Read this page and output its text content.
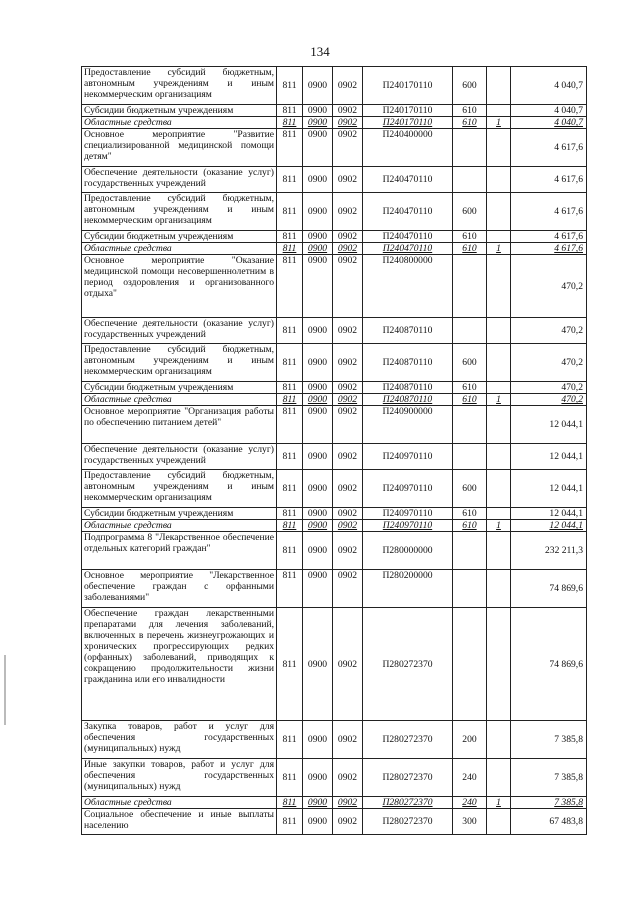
134
Предоставление субсидий бюджетным, автономным учреждениям и иным некоммерческим организациям	811	0900	0902	П240170110	600		4 040,7
Субсидии бюджетным учреждениям	811	0900	0902	П240170110	610		4 040,7
Областные средства	811	0900	0902	П240170110	610	1	4 040,7
Основное мероприятие "Развитие специализированной медицинской помощи детям"	811	0900	0902	П240400000			4 617,6
Обеспечение деятельности (оказание услуг) государственных учреждений	811	0900	0902	П240470110			4 617,6
Предоставление субсидий бюджетным, автономным учреждениям и иным некоммерческим организациям	811	0900	0902	П240470110	600		4 617,6
Субсидии бюджетным учреждениям	811	0900	0902	П240470110	610		4 617,6
Областные средства	811	0900	0902	П240470110	610	1	4 617,6
Основное мероприятие "Оказание медицинской помощи несовершеннолетним в период оздоровления и организованного отдыха"	811	0900	0902	П240800000			470,2
Обеспечение деятельности (оказание услуг) государственных учреждений	811	0900	0902	П240870110			470,2
Предоставление субсидий бюджетным, автономным учреждениям и иным некоммерческим организациям	811	0900	0902	П240870110	600		470,2
Субсидии бюджетным учреждениям	811	0900	0902	П240870110	610		470,2
Областные средства	811	0900	0902	П240870110	610	1	470,2
Основное мероприятие "Организация работы по обеспечению питанием детей"	811	0900	0902	П240900000			12 044,1
Обеспечение деятельности (оказание услуг) государственных учреждений	811	0900	0902	П240970110			12 044,1
Предоставление субсидий бюджетным, автономным учреждениям и иным некоммерческим организациям	811	0900	0902	П240970110	600		12 044,1
Субсидии бюджетным учреждениям	811	0900	0902	П240970110	610		12 044,1
Областные средства	811	0900	0902	П240970110	610	1	12 044,1
Подпрограмма 8 "Лекарственное обеспечение отдельных категорий граждан"	811	0900	0902	П280000000			232 211,3
Основное мероприятие "Лекарственное обеспечение граждан с орфанными заболеваниями"	811	0900	0902	П280200000			74 869,6
Обеспечение граждан лекарственными препаратами для лечения заболеваний, включенных в перечень жизнеугрожающих и хронических прогрессирующих редких (орфанных) заболеваний, приводящих к сокращению продолжительности жизни гражданина или его инвалидности	811	0900	0902	П280272370			74 869,6
Закупка товаров, работ и услуг для обеспечения государственных (муниципальных) нужд	811	0900	0902	П280272370	200		7 385,8
Иные закупки товаров, работ и услуг для обеспечения государственных (муниципальных) нужд	811	0900	0902	П280272370	240		7 385,8
Областные средства	811	0900	0902	П280272370	240	1	7 385,8
Социальное обеспечение и иные выплаты населению	811	0900	0902	П280272370	300		67 483,8
